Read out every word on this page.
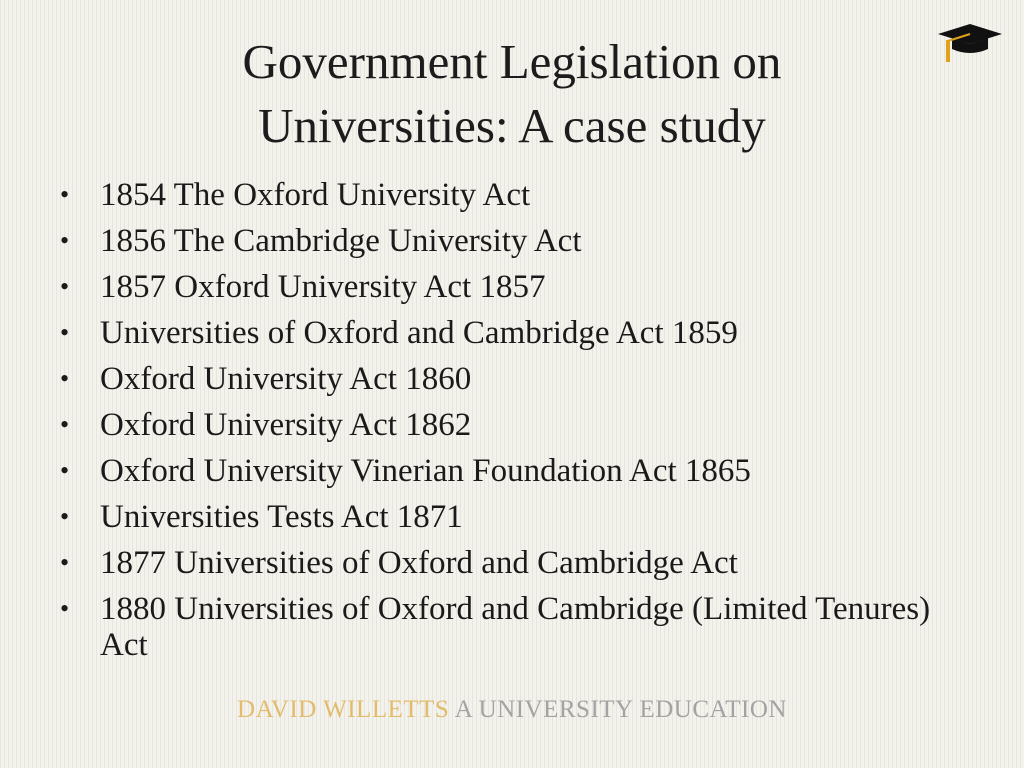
Government Legislation on
Universities: A case study
• 1854 The Oxford University Act
• 1856 The Cambridge University Act
• 1857 Oxford University Act 1857
• Universities of Oxford and Cambridge Act 1859
• Oxford University Act 1860
• Oxford University Act 1862
• Oxford University Vinerian Foundation Act 1865
• Universities Tests Act 1871
• 1877 Universities of Oxford and Cambridge Act
• 1880 Universities of Oxford and Cambridge (Limited Tenures) Act
DAVID WILLETTS A UNIVERSITY EDUCATION
